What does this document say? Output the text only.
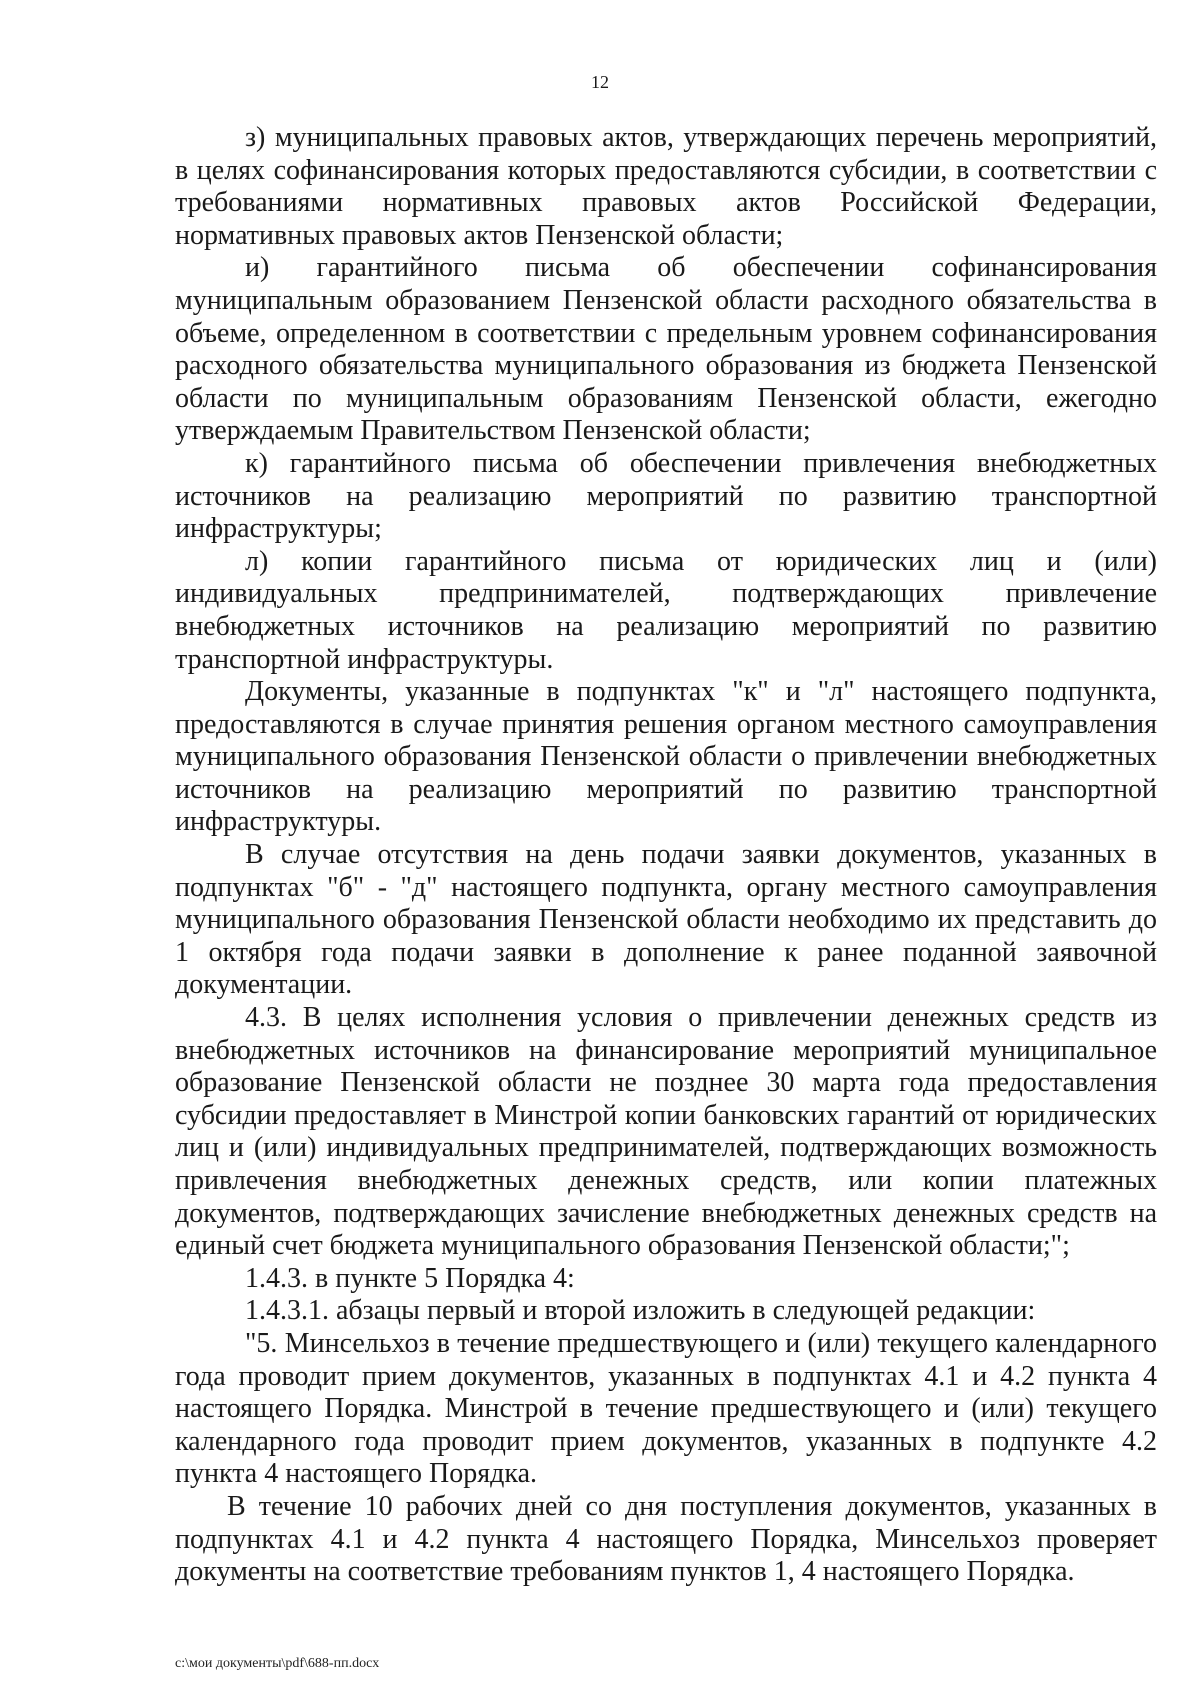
12

з) муниципальных правовых актов, утверждающих перечень мероприятий, в целях софинансирования которых предоставляются субсидии, в соответствии с требованиями нормативных правовых актов Российской Федерации, нормативных правовых актов Пензенской области;

и) гарантийного письма об обеспечении софинансирования муниципальным образованием Пензенской области расходного обязательства в объеме, определенном в соответствии с предельным уровнем софинансирования расходного обязательства муниципального образования из бюджета Пензенской области по муниципальным образованиям Пензенской области, ежегодно утверждаемым Правительством Пензенской области;

к) гарантийного письма об обеспечении привлечения внебюджетных источников на реализацию мероприятий по развитию транспортной инфраструктуры;

л) копии гарантийного письма от юридических лиц и (или) индивидуальных предпринимателей, подтверждающих привлечение внебюджетных источников на реализацию мероприятий по развитию транспортной инфраструктуры.

Документы, указанные в подпунктах "к" и "л" настоящего подпункта, предоставляются в случае принятия решения органом местного самоуправления муниципального образования Пензенской области о привлечении внебюджетных источников на реализацию мероприятий по развитию транспортной инфраструктуры.

В случае отсутствия на день подачи заявки документов, указанных в подпунктах "б" - "д" настоящего подпункта, органу местного самоуправления муниципального образования Пензенской области необходимо их представить до 1 октября года подачи заявки в дополнение к ранее поданной заявочной документации.

4.3. В целях исполнения условия о привлечении денежных средств из внебюджетных источников на финансирование мероприятий муниципальное образование Пензенской области не позднее 30 марта года предоставления субсидии предоставляет в Минстрой копии банковских гарантий от юридических лиц и (или) индивидуальных предпринимателей, подтверждающих возможность привлечения внебюджетных денежных средств, или копии платежных документов, подтверждающих зачисление внебюджетных денежных средств на единый счет бюджета муниципального образования Пензенской области;";

1.4.3. в пункте 5 Порядка 4:

1.4.3.1. абзацы первый и второй изложить в следующей редакции:

"5. Минсельхоз в течение предшествующего и (или) текущего календарного года проводит прием документов, указанных в подпунктах 4.1 и 4.2 пункта 4 настоящего Порядка. Минстрой в течение предшествующего и (или) текущего календарного года проводит прием документов, указанных в подпункте 4.2 пункта 4 настоящего Порядка.

В течение 10 рабочих дней со дня поступления документов, указанных в подпунктах 4.1 и 4.2 пункта 4 настоящего Порядка, Минсельхоз проверяет документы на соответствие требованиям пунктов 1, 4 настоящего Порядка.

c:\мои документы\pdf\688-пп.docx
